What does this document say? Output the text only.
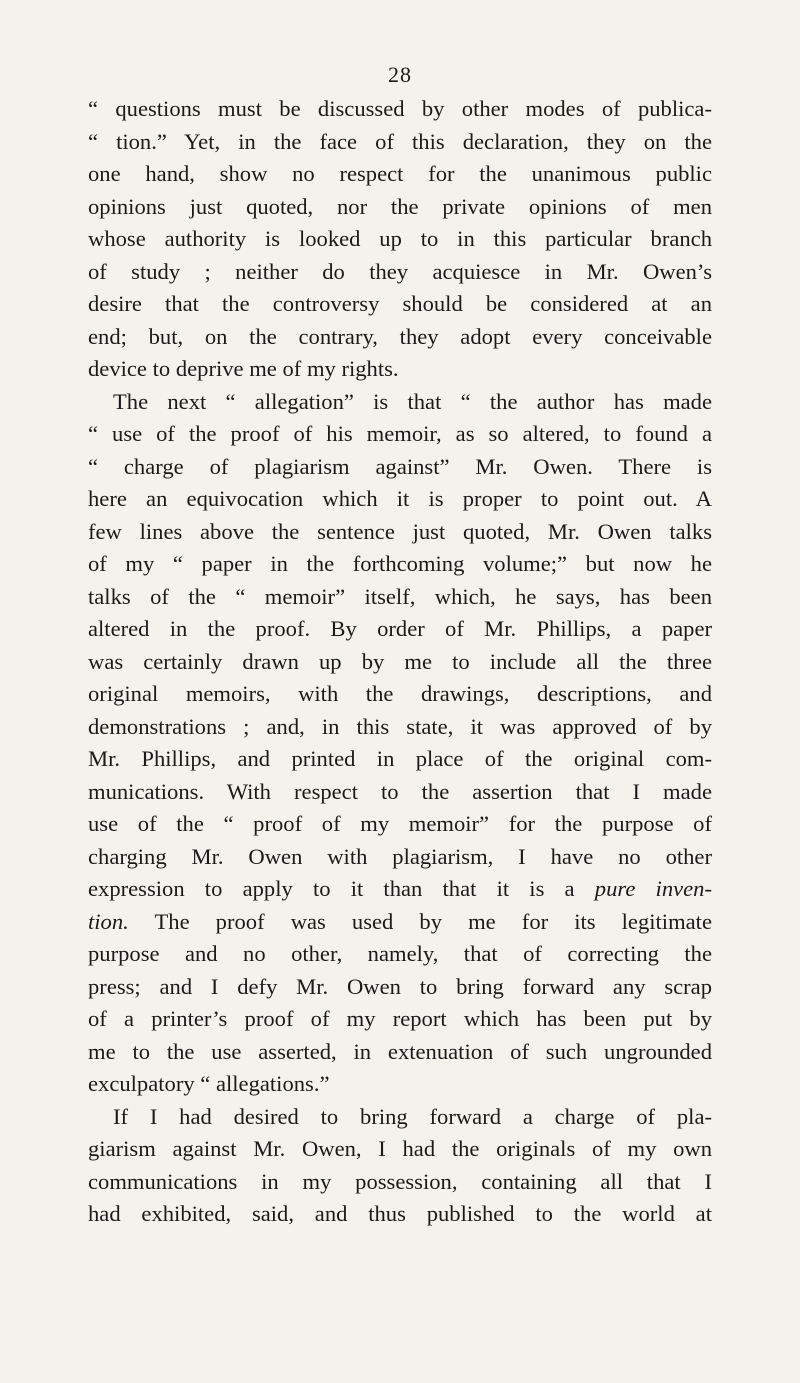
28
“ questions must be discussed by other modes of publica-
“ tion.” Yet, in the face of this declaration, they on the
one hand, show no respect for the unanimous public
opinions just quoted, nor the private opinions of men
whose authority is looked up to in this particular branch
of study ; neither do they acquiesce in Mr. Owen’s
desire that the controversy should be considered at an
end; but, on the contrary, they adopt every conceivable
device to deprive me of my rights.
The next “ allegation” is that “ the author has made
“ use of the proof of his memoir, as so altered, to found a
“ charge of plagiarism against” Mr. Owen. There is
here an equivocation which it is proper to point out. A
few lines above the sentence just quoted, Mr. Owen talks
of my “ paper in the forthcoming volume;” but now he
talks of the “ memoir” itself, which, he says, has been
altered in the proof. By order of Mr. Phillips, a paper
was certainly drawn up by me to include all the three
original memoirs, with the drawings, descriptions, and
demonstrations ; and, in this state, it was approved of by
Mr. Phillips, and printed in place of the original com-
munications. With respect to the assertion that I made
use of the “ proof of my memoir” for the purpose of
charging Mr. Owen with plagiarism, I have no other
expression to apply to it than that it is a pure inven-
tion. The proof was used by me for its legitimate
purpose and no other, namely, that of correcting the
press; and I defy Mr. Owen to bring forward any scrap
of a printer’s proof of my report which has been put by
me to the use asserted, in extenuation of such ungrounded
exculpatory “ allegations.”
If I had desired to bring forward a charge of pla-
giarism against Mr. Owen, I had the originals of my own
communications in my possession, containing all that I
had exhibited, said, and thus published to the world at
